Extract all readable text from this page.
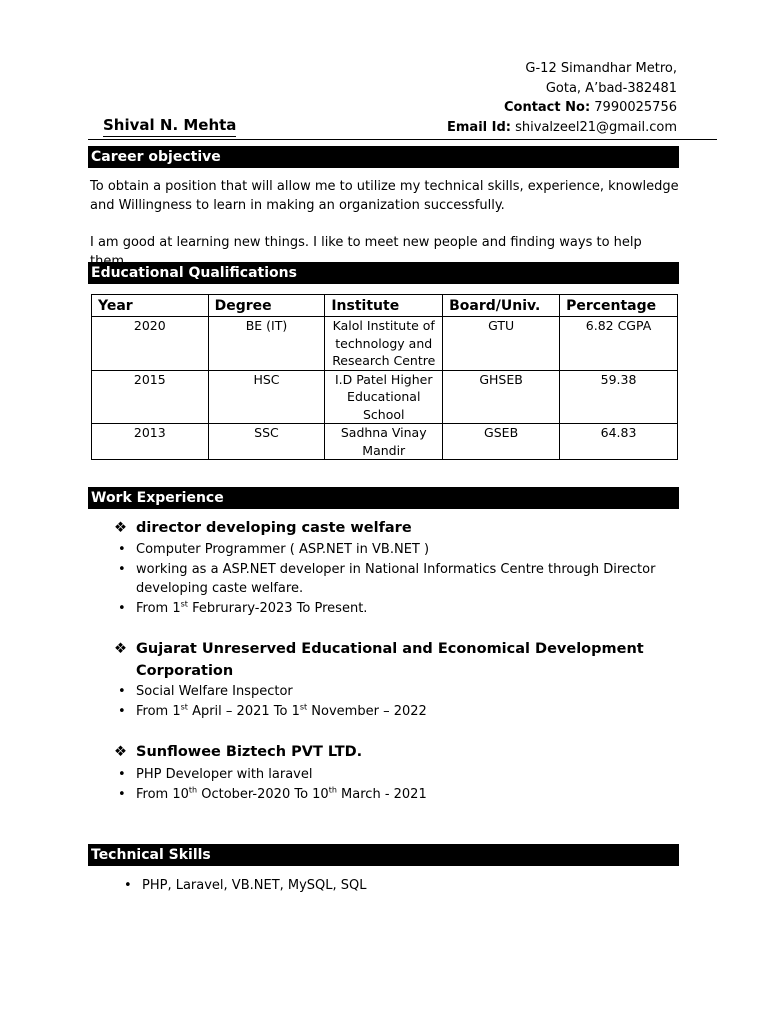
G-12 Simandhar Metro,
Gota, A’bad-382481
Contact No: 7990025756
Email Id: shivalzeel21@gmail.com
Shival N. Mehta
Career objective
To obtain a position that will allow me to utilize my technical skills, experience, knowledge and Willingness to learn in making an organization successfully.
I am good at learning new things. I like to meet new people and finding ways to help
Educational Qualifications
Year	Degree	Institute	Board/Univ.	Percentage
2020	BE (IT)	Kalol Institute of technology and Research Centre	GTU	6.82 CGPA
2015	HSC	I.D Patel Higher Educational School	GHSEB	59.38
2013	SSC	Sadhna Vinay Mandir	GSEB	64.83
Work Experience
❖ director developing caste welfare
• Computer Programmer ( ASP.NET in VB.NET )
• working as a ASP.NET developer in National Informatics Centre through Director developing caste welfare.
• From 1st Februrary-2023 To Present.
❖ Gujarat Unreserved Educational and Economical Development
Corporation
• Social Welfare Inspector
• From 1st April – 2021 To 1st November – 2022
❖ Sunflowee Biztech PVT LTD.
• PHP Developer with laravel
• From 10th October-2020 To 10th March - 2021
Technical Skills
• PHP, Laravel, VB.NET, MySQL, SQL
